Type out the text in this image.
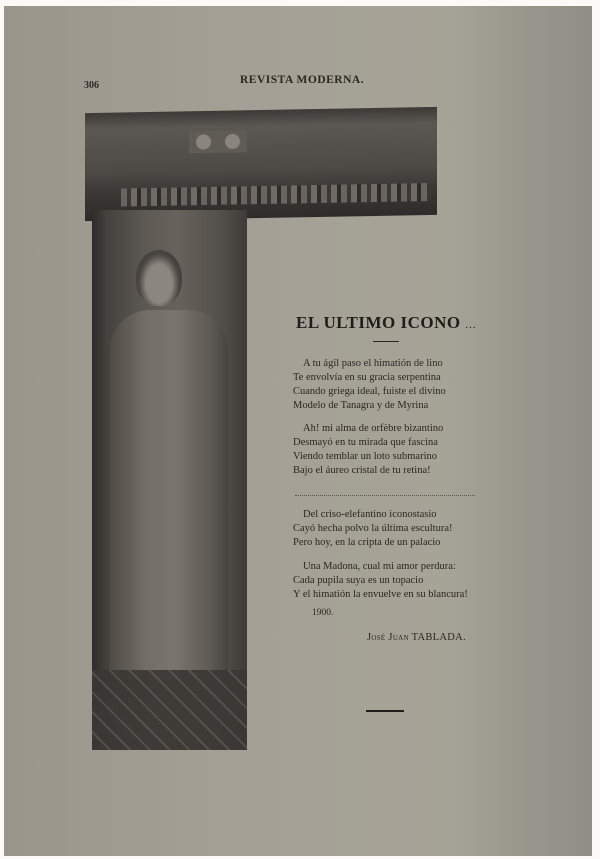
306	REVISTA MODERNA.
EL ULTIMO ICONO ...
A tu ágil paso el himatión de lino
Te envolvía en su gracia serpentina
Cuando griega ideal, fuiste el divino
Modelo de Tanagra y de Myrina
Ah! mi alma de orfèbre bizantino
Desmayó en tu mirada que fascina
Viendo temblar un loto submarino
Bajo el áureo cristal de tu retina!
Del criso-elefantino iconostasio
Cayó hecha polvo la última escultura!
Pero hoy, en la cripta de un palacio
Una Madona, cual mi amor perdura:
Cada pupila suya es un topacio
Y el himatión la envuelve en su blancura!
1900.
José Juan TABLADA.
